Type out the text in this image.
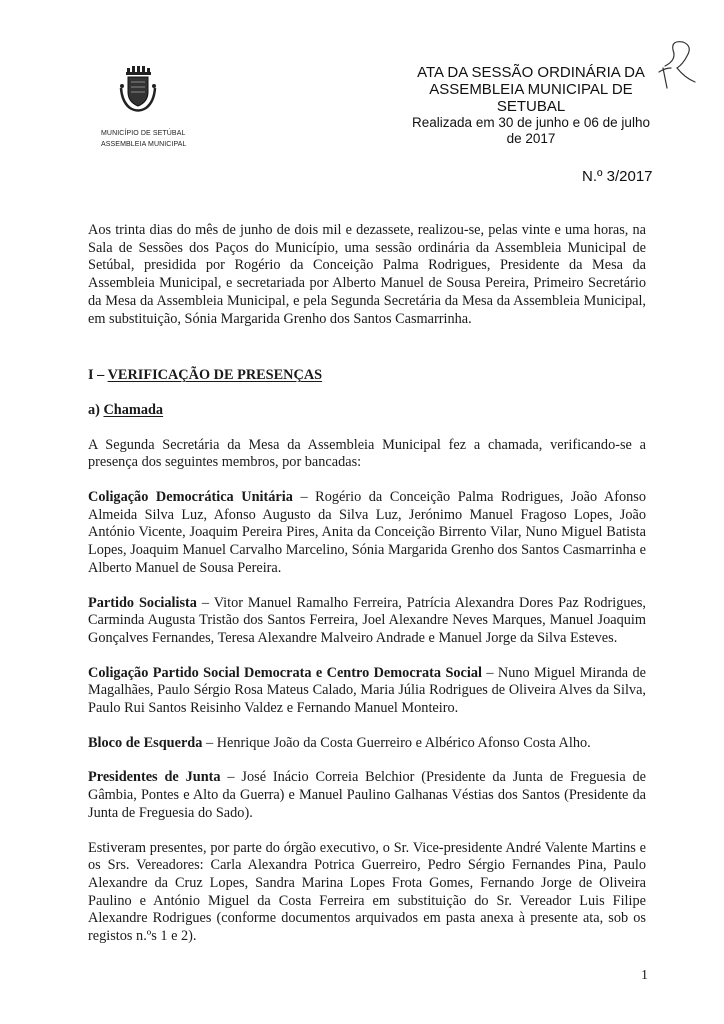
MUNICÍPIO DE SETÚBAL
ASSEMBLEIA MUNICIPAL
ATA DA SESSÃO ORDINÁRIA DA
ASSEMBLEIA MUNICIPAL DE
SETUBAL
Realizada em 30 de junho e 06 de julho
de 2017
N.º 3/2017

Aos trinta dias do mês de junho de dois mil e dezassete, realizou-se, pelas vinte e uma horas, na Sala de Sessões dos Paços do Município, uma sessão ordinária da Assembleia Municipal de Setúbal, presidida por Rogério da Conceição Palma Rodrigues, Presidente da Mesa da Assembleia Municipal, e secretariada por Alberto Manuel de Sousa Pereira, Primeiro Secretário da Mesa da Assembleia Municipal, e pela Segunda Secretária da Mesa da Assembleia Municipal, em substituição, Sónia Margarida Grenho dos Santos Casmarrinha.

I – VERIFICAÇÃO DE PRESENÇAS

a) Chamada

A Segunda Secretária da Mesa da Assembleia Municipal fez a chamada, verificando-se a presença dos seguintes membros, por bancadas:

Coligação Democrática Unitária – Rogério da Conceição Palma Rodrigues, João Afonso Almeida Silva Luz, Afonso Augusto da Silva Luz, Jerónimo Manuel Fragoso Lopes, João António Vicente, Joaquim Pereira Pires, Anita da Conceição Birrento Vilar, Nuno Miguel Batista Lopes, Joaquim Manuel Carvalho Marcelino, Sónia Margarida Grenho dos Santos Casmarrinha e Alberto Manuel de Sousa Pereira.

Partido Socialista – Vitor Manuel Ramalho Ferreira, Patrícia Alexandra Dores Paz Rodrigues, Carminda Augusta Tristão dos Santos Ferreira, Joel Alexandre Neves Marques, Manuel Joaquim Gonçalves Fernandes, Teresa Alexandre Malveiro Andrade e Manuel Jorge da Silva Esteves.

Coligação Partido Social Democrata e Centro Democrata Social – Nuno Miguel Miranda de Magalhães, Paulo Sérgio Rosa Mateus Calado, Maria Júlia Rodrigues de Oliveira Alves da Silva, Paulo Rui Santos Reisinho Valdez e Fernando Manuel Monteiro.

Bloco de Esquerda – Henrique João da Costa Guerreiro e Albérico Afonso Costa Alho.

Presidentes de Junta – José Inácio Correia Belchior (Presidente da Junta de Freguesia de Gâmbia, Pontes e Alto da Guerra) e Manuel Paulino Galhanas Véstias dos Santos (Presidente da Junta de Freguesia do Sado).

Estiveram presentes, por parte do órgão executivo, o Sr. Vice-presidente André Valente Martins e os Srs. Vereadores: Carla Alexandra Potrica Guerreiro, Pedro Sérgio Fernandes Pina, Paulo Alexandre da Cruz Lopes, Sandra Marina Lopes Frota Gomes, Fernando Jorge de Oliveira Paulino e António Miguel da Costa Ferreira em substituição do Sr. Vereador Luis Filipe Alexandre Rodrigues (conforme documentos arquivados em pasta anexa à presente ata, sob os registos n.ºs 1 e 2).

1
